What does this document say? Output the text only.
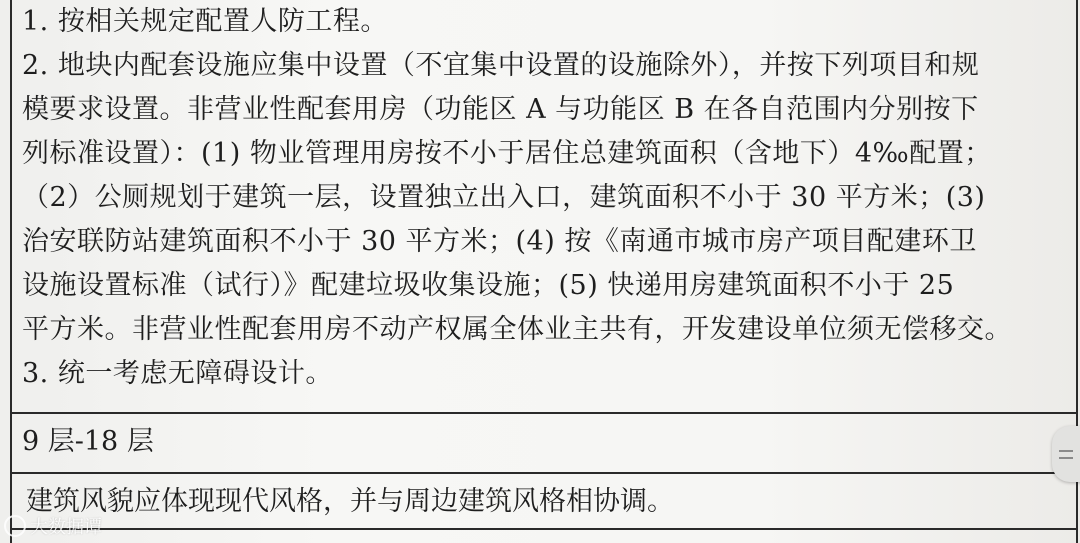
1. 按相关规定配置人防工程。
2. 地块内配套设施应集中设置（不宜集中设置的设施除外），并按下列项目和规
模要求设置。非营业性配套用房（功能区 A 与功能区 B 在各自范围内分别按下
列标准设置）：(1) 物业管理用房按不小于居住总建筑面积（含地下）4‰配置；
（2）公厕规划于建筑一层，设置独立出入口，建筑面积不小于 30 平方米；(3)
治安联防站建筑面积不小于 30 平方米；(4) 按《南通市城市房产项目配建环卫
设施设置标准（试行）》配建垃圾收集设施；(5) 快递用房建筑面积不小于 25
平方米。非营业性配套用房不动产权属全体业主共有，开发建设单位须无偿移交。
3. 统一考虑无障碍设计。
9 层-18 层
建筑风貌应体现现代风格，并与周边建筑风格相协调。
大数据谭
